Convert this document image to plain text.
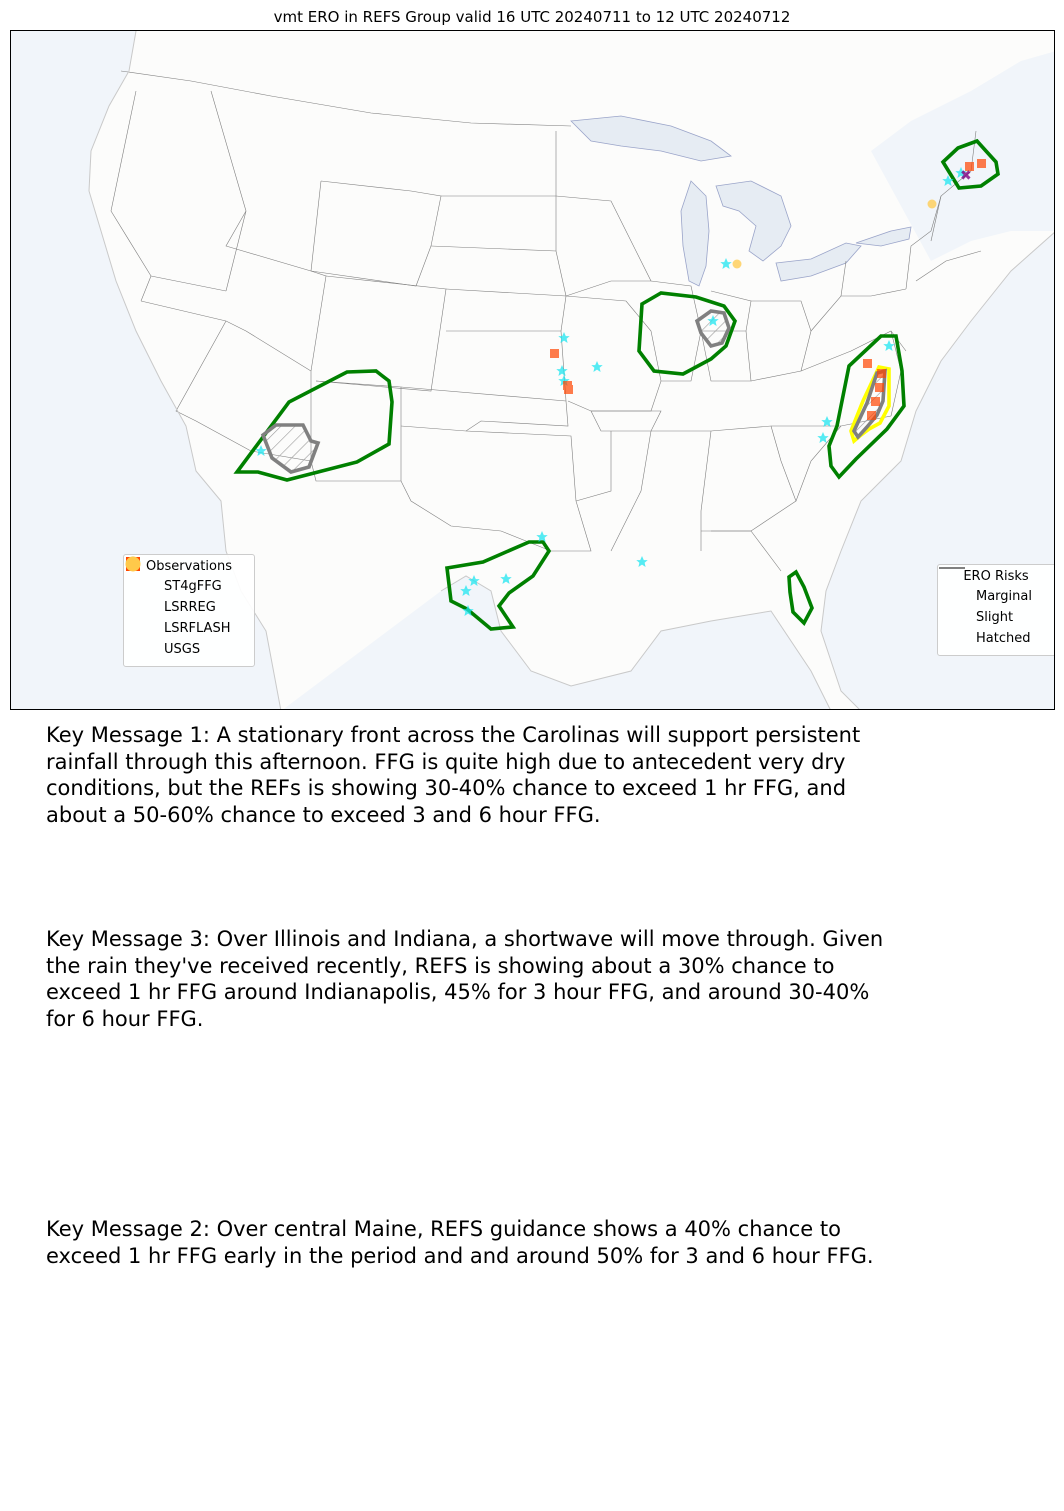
vmt ERO in REFS Group valid 16 UTC 20240711 to 12 UTC 20240712
✖
Observations
ST4gFFG
LSRREG
LSRFLASH
USGS
ERO Risks
Marginal
Slight
Hatched
Key Message 1: A stationary front across the Carolinas will support persistent
rainfall through this afternoon. FFG is quite high due to antecedent very dry
conditions, but the REFs is showing 30-40% chance to exceed 1 hr FFG, and
about a 50-60% chance to exceed 3 and 6 hour FFG.
Key Message 3: Over Illinois and Indiana, a shortwave will move through. Given
the rain they've received recently, REFS is showing about a 30% chance to
exceed 1 hr FFG around Indianapolis, 45% for 3 hour FFG, and around 30-40%
for 6 hour FFG.
Key Message 2: Over central Maine, REFS guidance shows a 40% chance to
exceed 1 hr FFG early in the period and and around 50% for 3 and 6 hour FFG.
